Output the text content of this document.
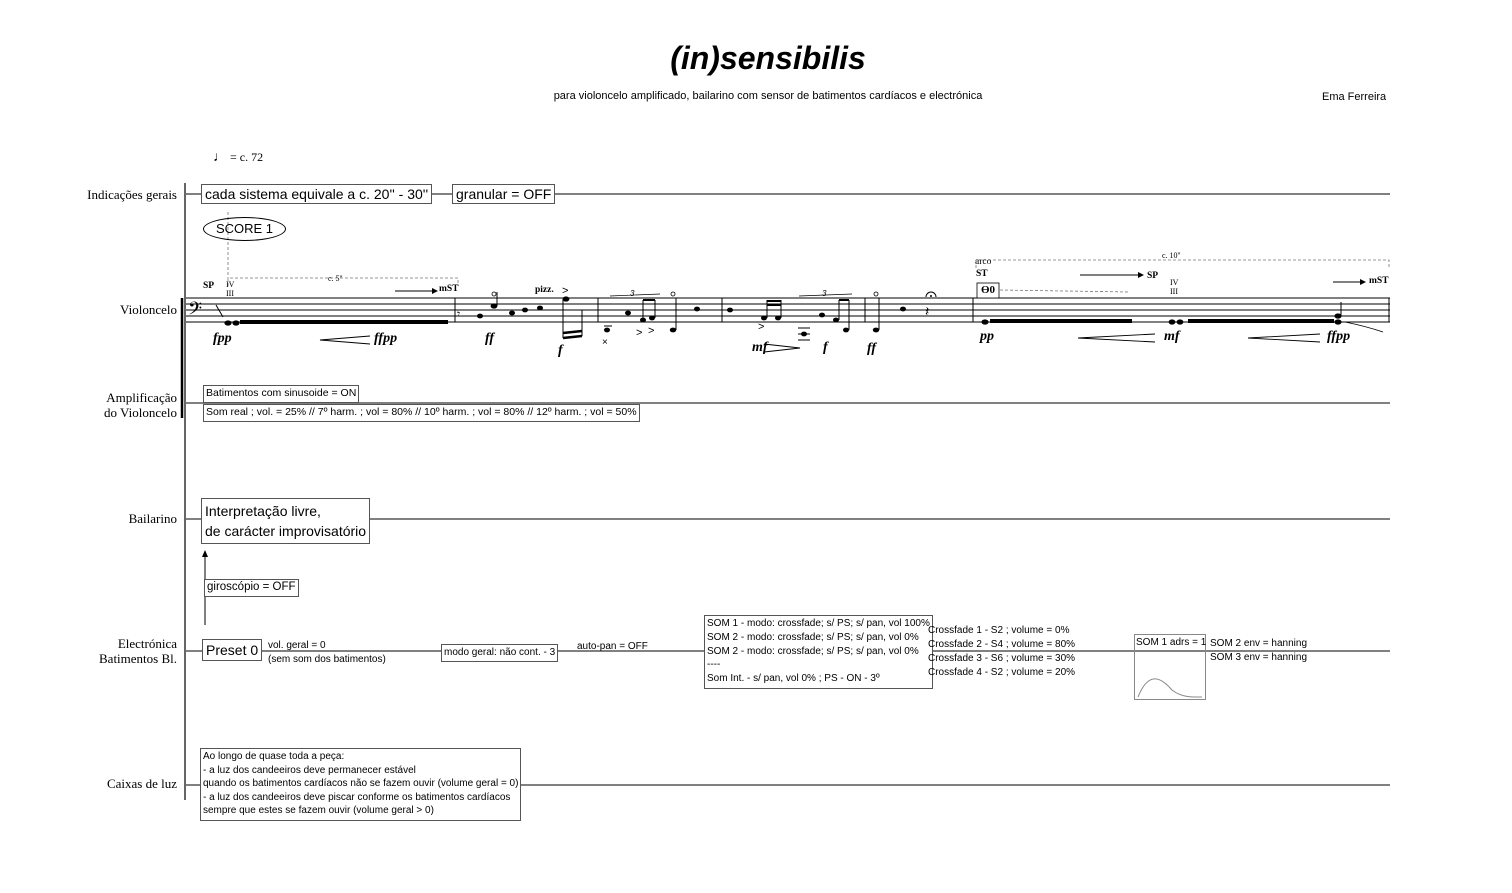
(in)sensibilis
para violoncelo amplificado, bailarino com sensor de batimentos cardíacos e electrónica	Ema Ferreira
♩ = c. 72
Indicações gerais
Violoncelo
Amplificação
do Violoncelo
Bailarino
Electrónica
Batimentos Bl.
Caixas de luz
𝄢	𝄾
>
×
> >
3
>
3
𝄽
cada sistema equivale a c. 20'' - 30'' granular = OFF
SCORE 1
SP IV
III
c. 5''
mST	pizz.
arco
ST
ϴ0
c. 10''
SP
IV
III
mST
fpp	ffpp	ff
f	mf	f	ff
pp	mf	ffpp
Batimentos com sinusoide = ON
Som real ; vol. = 25% // 7º harm. ; vol = 80% // 10º harm. ; vol = 80% // 12º harm. ; vol = 50%
Interpretação livre,
de carácter improvisatório
giroscópio = OFF
Preset 0 vol. geral = 0
(sem som dos batimentos)
modo geral: não cont. - 3
auto-pan = OFF
SOM 1 - modo: crossfade; s/ PS; s/ pan, vol 100%
SOM 2 - modo: crossfade; s/ PS; s/ pan, vol 0%
SOM 2 - modo: crossfade; s/ PS; s/ pan, vol 0%
----
Som Int. - s/ pan, vol 0% ; PS - ON - 3º
Crossfade 1 - S2 ; volume = 0%
Crossfade 2 - S4 ; volume = 80%
Crossfade 3 - S6 ; volume = 30%
Crossfade 4 - S2 ; volume = 20%
SOM 1 adrs = 1 SOM 2 env = hanning
SOM 3 env = hanning
Ao longo de quase toda a peça:
- a luz dos candeeiros deve permanecer estável
quando os batimentos cardíacos não se fazem ouvir (volume geral = 0)
- a luz dos candeeiros deve piscar conforme os batimentos cardíacos
sempre que estes se fazem ouvir (volume geral > 0)
